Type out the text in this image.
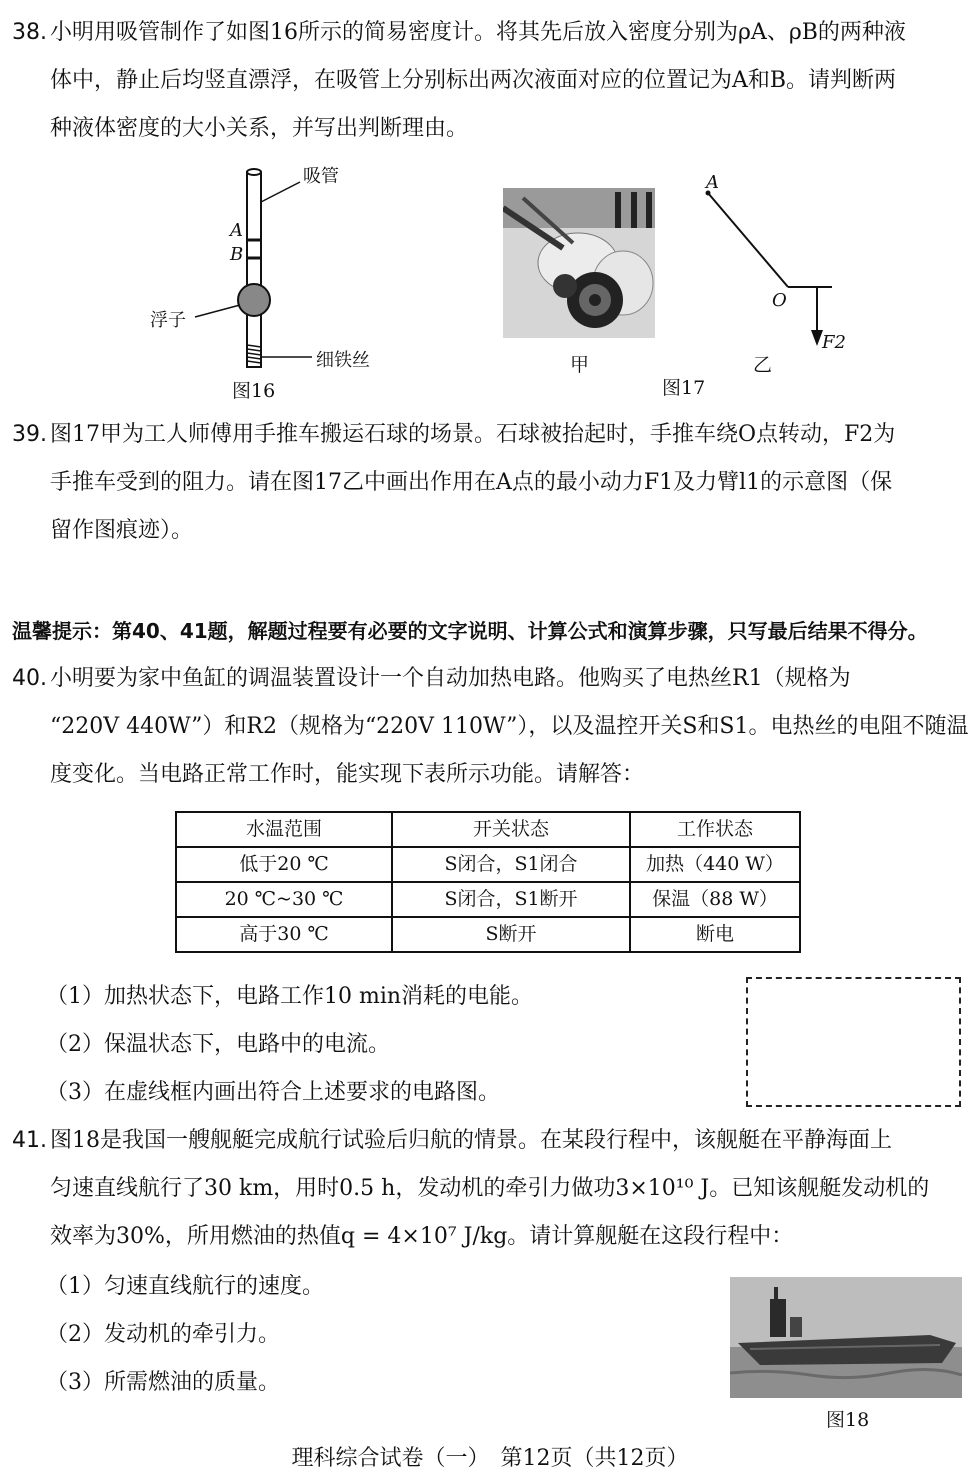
38. 小明用吸管制作了如图16所示的简易密度计。将其先后放入密度分别为ρA、ρB的两种液
体中，静止后均竖直漂浮，在吸管上分别标出两次液面对应的位置记为A和B。请判断两
种液体密度的大小关系，并写出判断理由。
吸管
A
B
浮子
细铁丝
图16
甲
A
O
F2
乙
图17
39. 图17甲为工人师傅用手推车搬运石球的场景。石球被抬起时，手推车绕O点转动，F2为
手推车受到的阻力。请在图17乙中画出作用在A点的最小动力F1及力臂l1的示意图（保
留作图痕迹）。
温馨提示：第40、41题，解题过程要有必要的文字说明、计算公式和演算步骤，只写最后结果不得分。
40. 小明要为家中鱼缸的调温装置设计一个自动加热电路。他购买了电热丝R1（规格为
“220V 440W”）和R2（规格为“220V 110W”），以及温控开关S和S1。电热丝的电阻不随温
度变化。当电路正常工作时，能实现下表所示功能。请解答：
水温范围	开关状态	工作状态
低于20 ℃	S闭合，S1闭合	加热（440 W）
20 ℃~30 ℃	S闭合，S1断开	保温（88 W）
高于30 ℃	S断开	断电
（1）加热状态下，电路工作10 min消耗的电能。
（2）保温状态下，电路中的电流。
（3）在虚线框内画出符合上述要求的电路图。
41. 图18是我国一艘舰艇完成航行试验后归航的情景。在某段行程中，该舰艇在平静海面上
匀速直线航行了30 km，用时0.5 h，发动机的牵引力做功3×10¹⁰ J。已知该舰艇发动机的
效率为30%，所用燃油的热值q = 4×10⁷ J/kg。请计算舰艇在这段行程中：
（1）匀速直线航行的速度。
（2）发动机的牵引力。
（3）所需燃油的质量。
图18
理科综合试卷（一）　第12页（共12页）
